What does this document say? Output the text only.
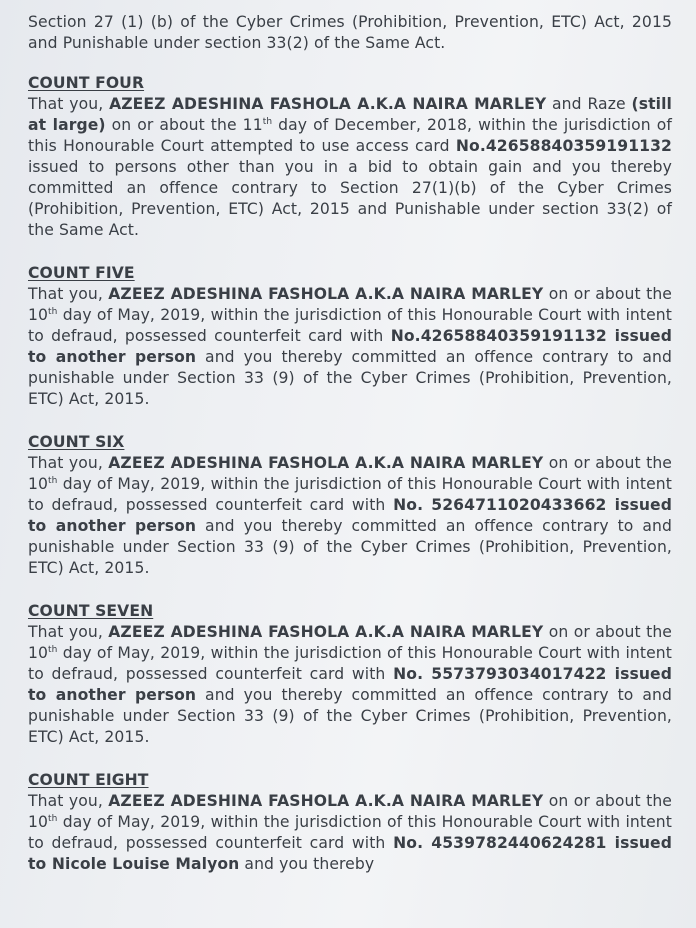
Section 27 (1) (b) of the Cyber Crimes (Prohibition, Prevention, ETC) Act, 2015 and Punishable under section 33(2) of the Same Act.

COUNT FOUR

That you, AZEEZ ADESHINA FASHOLA A.K.A NAIRA MARLEY and Raze (still at large) on or about the 11th day of December, 2018, within the jurisdiction of this Honourable Court attempted to use access card No.42658840359191132 issued to persons other than you in a bid to obtain gain and you thereby committed an offence contrary to Section 27(1)(b) of the Cyber Crimes (Prohibition, Prevention, ETC) Act, 2015 and Punishable under section 33(2) of the Same Act.

COUNT FIVE

That you, AZEEZ ADESHINA FASHOLA A.K.A NAIRA MARLEY on or about the 10th day of May, 2019, within the jurisdiction of this Honourable Court with intent to defraud, possessed counterfeit card with No.42658840359191132 issued to another person and you thereby committed an offence contrary to and punishable under Section 33 (9) of the Cyber Crimes (Prohibition, Prevention, ETC) Act, 2015.

COUNT SIX

That you, AZEEZ ADESHINA FASHOLA A.K.A NAIRA MARLEY on or about the 10th day of May, 2019, within the jurisdiction of this Honourable Court with intent to defraud, possessed counterfeit card with No. 5264711020433662 issued to another person and you thereby committed an offence contrary to and punishable under Section 33 (9) of the Cyber Crimes (Prohibition, Prevention, ETC) Act, 2015.

COUNT SEVEN

That you, AZEEZ ADESHINA FASHOLA A.K.A NAIRA MARLEY on or about the 10th day of May, 2019, within the jurisdiction of this Honourable Court with intent to defraud, possessed counterfeit card with No. 5573793034017422 issued to another person and you thereby committed an offence contrary to and punishable under Section 33 (9) of the Cyber Crimes (Prohibition, Prevention, ETC) Act, 2015.

COUNT EIGHT

That you, AZEEZ ADESHINA FASHOLA A.K.A NAIRA MARLEY on or about the 10th day of May, 2019, within the jurisdiction of this Honourable Court with intent to defraud, possessed counterfeit card with No. 4539782440624281 issued to Nicole Louise Malyon and you thereby
